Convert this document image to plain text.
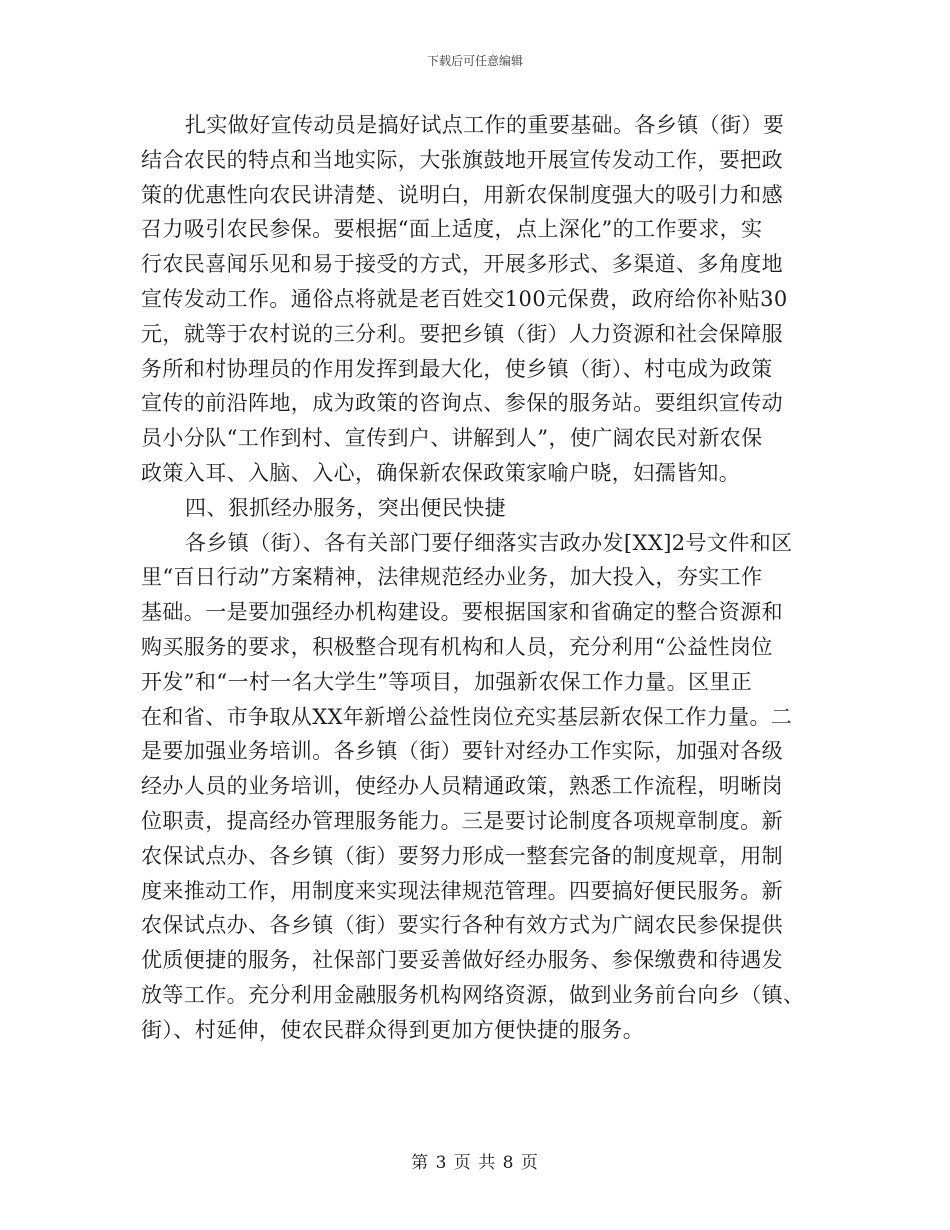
下载后可任意编辑
扎实做好宣传动员是搞好试点工作的重要基础。各乡镇（街）要
结合农民的特点和当地实际，大张旗鼓地开展宣传发动工作，要把政
策的优惠性向农民讲清楚、说明白，用新农保制度强大的吸引力和感
召力吸引农民参保。要根据“面上适度，点上深化”的工作要求，实
行农民喜闻乐见和易于接受的方式，开展多形式、多渠道、多角度地
宣传发动工作。通俗点将就是老百姓交100元保费，政府给你补贴30
元，就等于农村说的三分利。要把乡镇（街）人力资源和社会保障服
务所和村协理员的作用发挥到最大化，使乡镇（街）、村屯成为政策
宣传的前沿阵地，成为政策的咨询点、参保的服务站。要组织宣传动
员小分队“工作到村、宣传到户、讲解到人”，使广阔农民对新农保
政策入耳、入脑、入心，确保新农保政策家喻户晓，妇孺皆知。
四、狠抓经办服务，突出便民快捷
各乡镇（街）、各有关部门要仔细落实吉政办发[XX]2号文件和区
里“百日行动”方案精神，法律规范经办业务，加大投入，夯实工作
基础。一是要加强经办机构建设。要根据国家和省确定的整合资源和
购买服务的要求，积极整合现有机构和人员，充分利用“公益性岗位
开发”和“一村一名大学生”等项目，加强新农保工作力量。区里正
在和省、市争取从XX年新增公益性岗位充实基层新农保工作力量。二
是要加强业务培训。各乡镇（街）要针对经办工作实际，加强对各级
经办人员的业务培训，使经办人员精通政策，熟悉工作流程，明晰岗
位职责，提高经办管理服务能力。三是要讨论制度各项规章制度。新
农保试点办、各乡镇（街）要努力形成一整套完备的制度规章，用制
度来推动工作，用制度来实现法律规范管理。四要搞好便民服务。新
农保试点办、各乡镇（街）要实行各种有效方式为广阔农民参保提供
优质便捷的服务，社保部门要妥善做好经办服务、参保缴费和待遇发
放等工作。充分利用金融服务机构网络资源，做到业务前台向乡（镇、
街）、村延伸，使农民群众得到更加方便快捷的服务。
第 3 页 共 8 页
